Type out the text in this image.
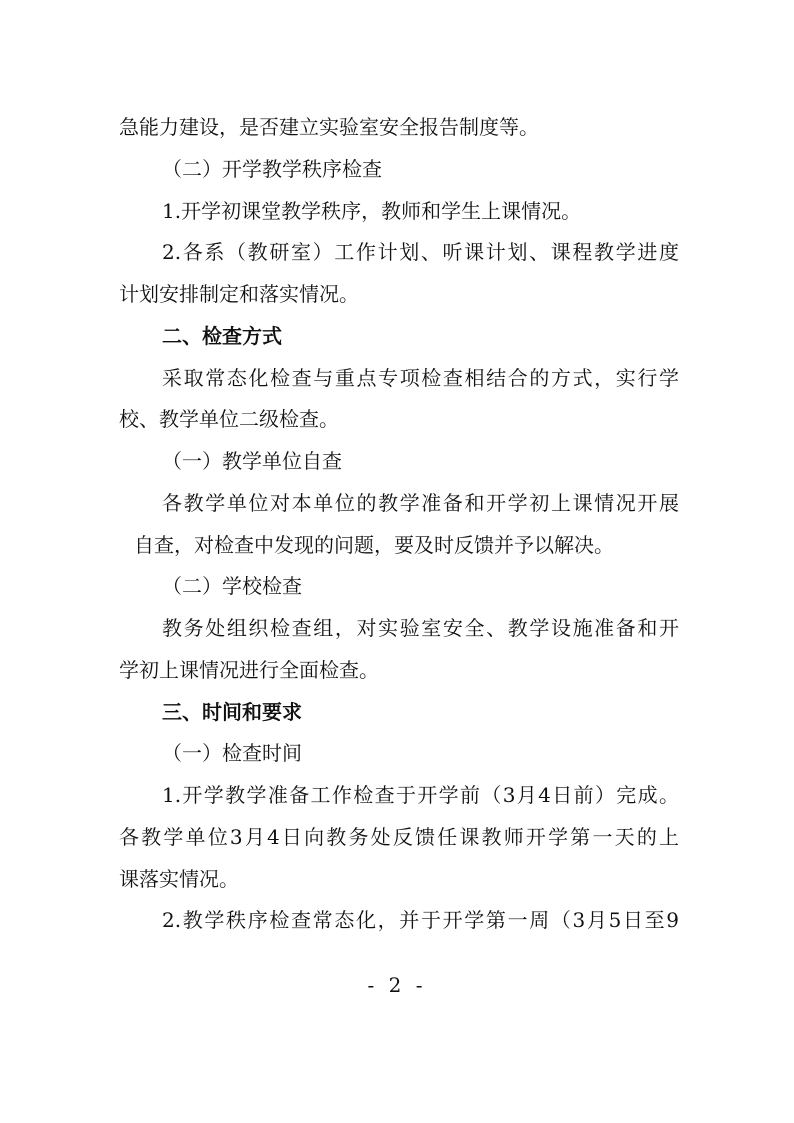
急能力建设，是否建立实验室安全报告制度等。
（二）开学教学秩序检查
1.开学初课堂教学秩序，教师和学生上课情况。
2.各系（教研室）工作计划、听课计划、课程教学进度
计划安排制定和落实情况。
二、检查方式
采取常态化检查与重点专项检查相结合的方式，实行学
校、教学单位二级检查。
（一）教学单位自查
各教学单位对本单位的教学准备和开学初上课情况开展
自查，对检查中发现的问题，要及时反馈并予以解决。
（二）学校检查
教务处组织检查组，对实验室安全、教学设施准备和开
学初上课情况进行全面检查。
三、时间和要求
（一）检查时间
1.开学教学准备工作检查于开学前（3月4日前）完成。
各教学单位3月4日向教务处反馈任课教师开学第一天的上
课落实情况。
2.教学秩序检查常态化，并于开学第一周（3月5日至9
- 2 -
